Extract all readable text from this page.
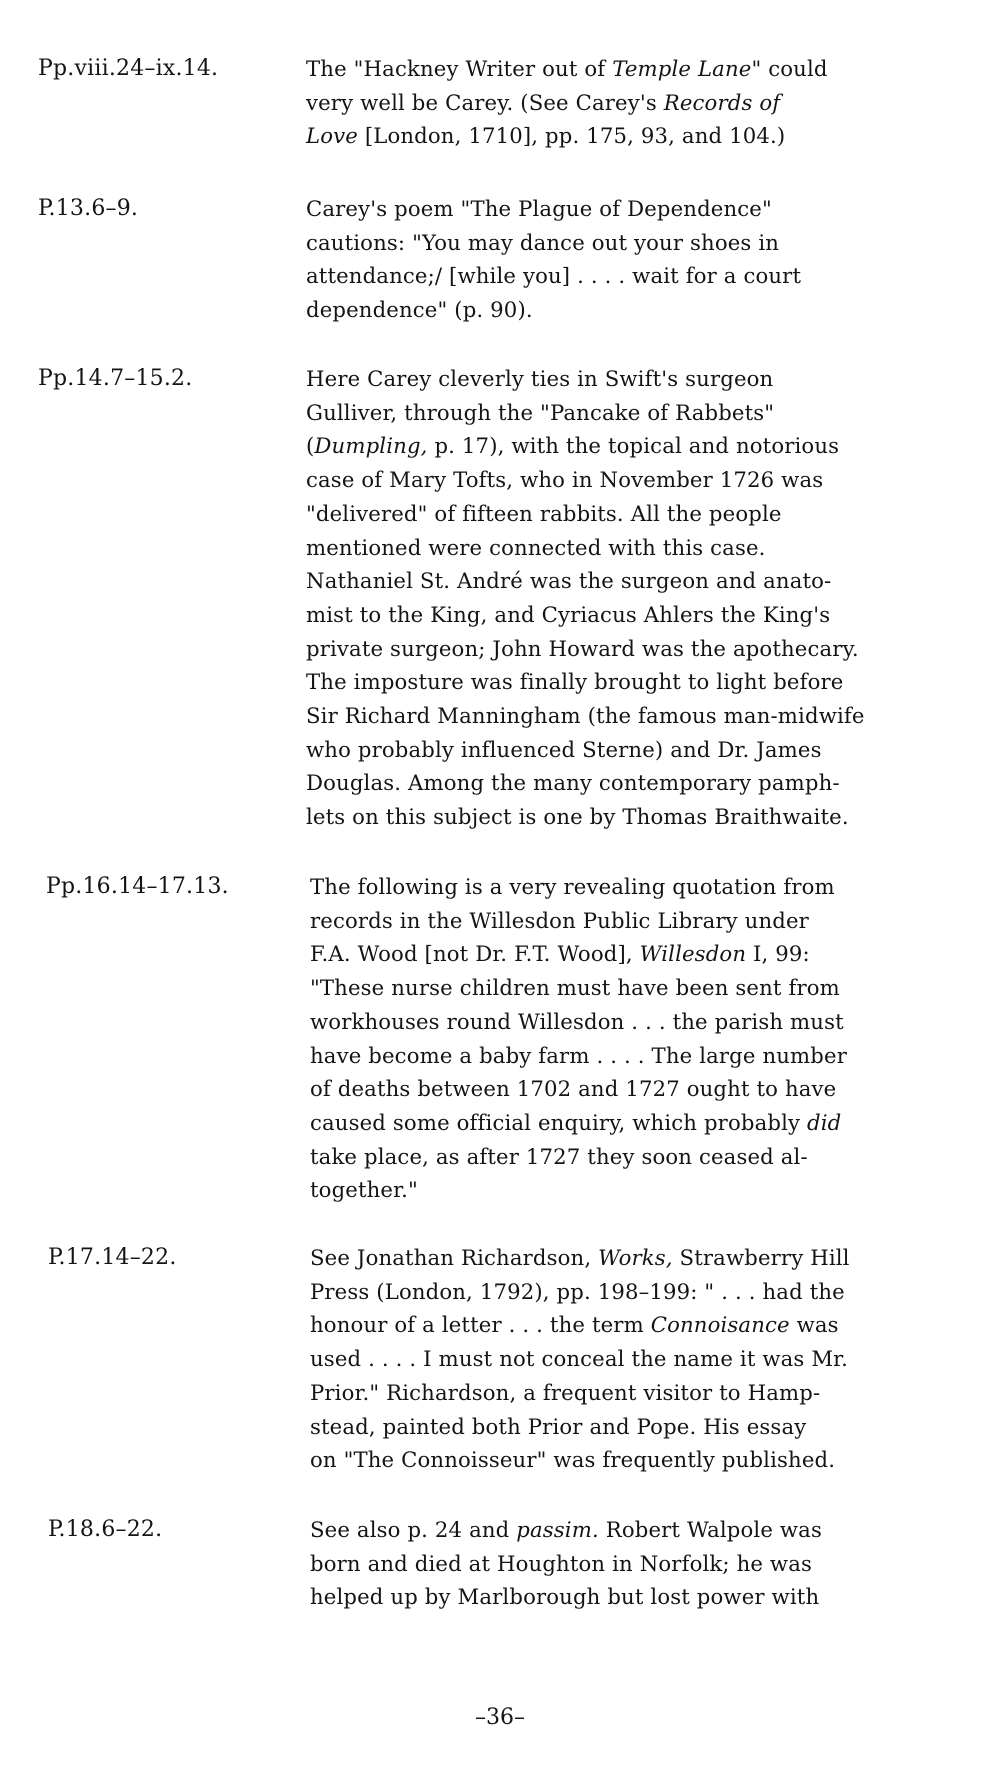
Pp.viii.24–ix.14.	The "Hackney Writer out of Temple Lane" could

very well be Carey. (See Carey's Records of

Love [London, 1710], pp. 175, 93, and 104.)

P.13.6–9.	Carey's poem "The Plague of Dependence"

cautions: "You may dance out your shoes in

attendance;/ [while you] . . . . wait for a court

dependence" (p. 90).

Pp.14.7–15.2.	Here Carey cleverly ties in Swift's surgeon

Gulliver, through the "Pancake of Rabbets"

(Dumpling, p. 17), with the topical and notorious

case of Mary Tofts, who in November 1726 was

"delivered" of fifteen rabbits. All the people

mentioned were connected with this case.

Nathaniel St. André was the surgeon and anato-

mist to the King, and Cyriacus Ahlers the King's

private surgeon; John Howard was the apothecary.

The imposture was finally brought to light before

Sir Richard Manningham (the famous man-midwife

who probably influenced Sterne) and Dr. James

Douglas. Among the many contemporary pamph-

lets on this subject is one by Thomas Braithwaite.

Pp.16.14–17.13.	The following is a very revealing quotation from

records in the Willesdon Public Library under

F.A. Wood [not Dr. F.T. Wood], Willesdon I, 99:

"These nurse children must have been sent from

workhouses round Willesdon . . . the parish must

have become a baby farm . . . . The large number

of deaths between 1702 and 1727 ought to have

caused some official enquiry, which probably did

take place, as after 1727 they soon ceased al-

together."

P.17.14–22.	See Jonathan Richardson, Works, Strawberry Hill

Press (London, 1792), pp. 198–199: " . . . had the

honour of a letter . . . the term Connoisance was

used . . . . I must not conceal the name it was Mr.

Prior." Richardson, a frequent visitor to Hamp-

stead, painted both Prior and Pope. His essay

on "The Connoisseur" was frequently published.

P.18.6–22.	See also p. 24 and passim. Robert Walpole was

born and died at Houghton in Norfolk; he was

helped up by Marlborough but lost power with

–36–
